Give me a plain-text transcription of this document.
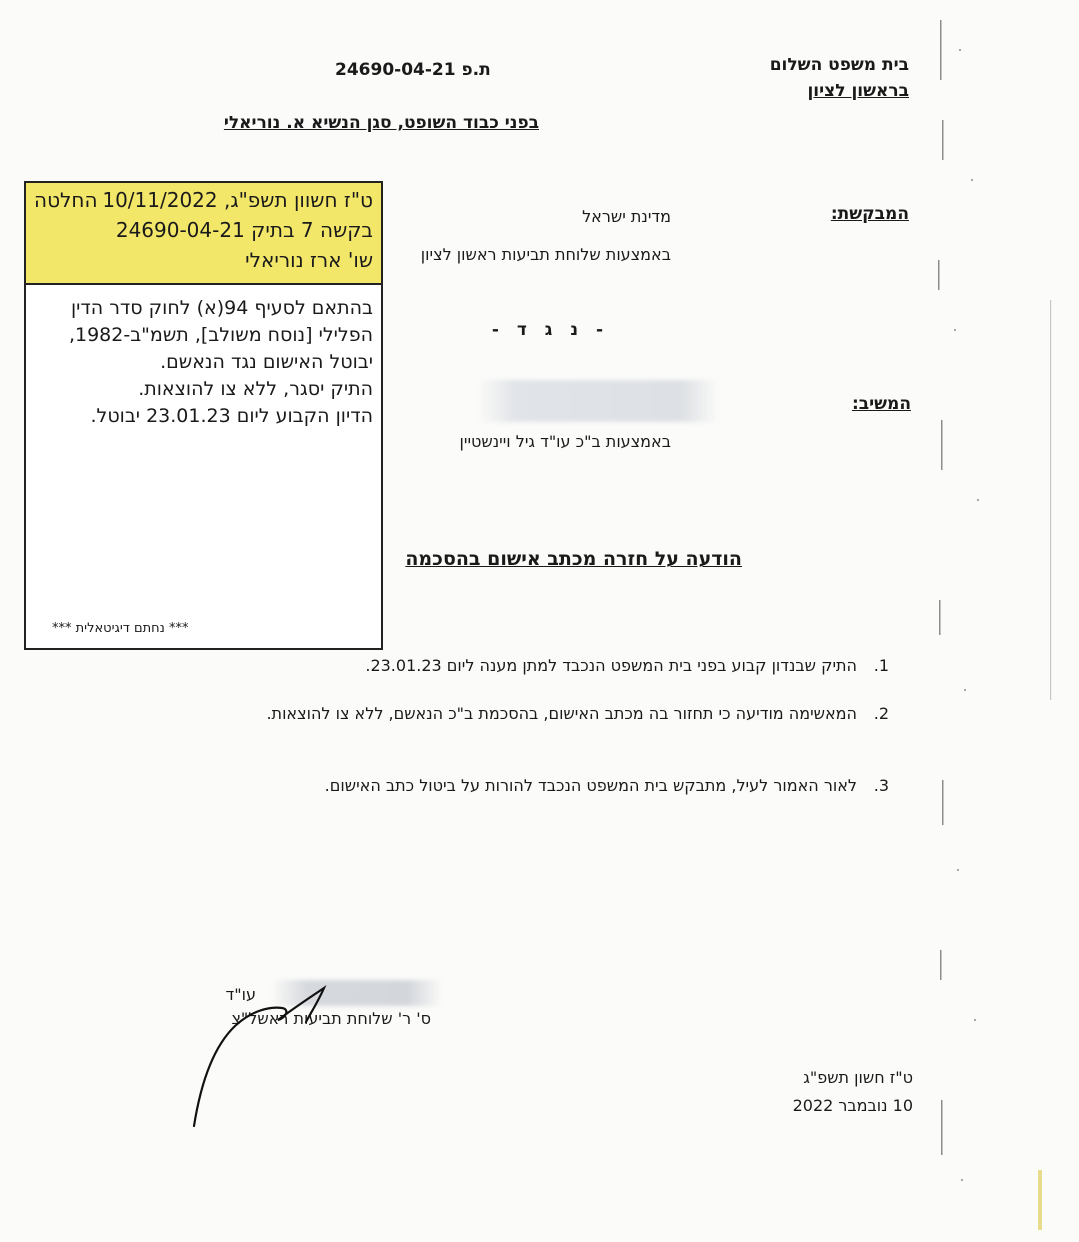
בית משפט השלום
בראשון לציון
ת.פ 24690-04-21
בפני כבוד השופט, סגן הנשיא א. נוריאלי
ט"ז חשוון תשפ"ג, 10/11/2022
החלטה
בקשה 7 בתיק 24690-04-21
שו' ארז נוריאלי
בהתאם לסעיף 94(א) לחוק סדר הדין
הפלילי [נוסח משולב], תשמ"ב-1982,
יבוטל האישום נגד הנאשם.
התיק יסגר, ללא צו להוצאות.
הדיון הקבוע ליום 23.01.23 יבוטל.
*** נחתם דיגיטאלית ***
המבקשת:
מדינת ישראל
באמצעות שלוחת תביעות ראשון לציון
- נ ג ד -
המשיב:
באמצעות ב"כ עו"ד גיל ויינשטיין
הודעה על חזרה מכתב אישום בהסכמה
1.
התיק שבנדון קבוע בפני בית המשפט הנכבד למתן מענה ליום 23.01.23.
2.
המאשימה מודיעה כי תחזור בה מכתב האישום, בהסכמת ב"כ הנאשם, ללא צו להוצאות.
3.
לאור האמור לעיל, מתבקש בית המשפט הנכבד להורות על ביטול כתב האישום.
עו"ד
ס' ר' שלוחת תביעות ראשל"צ
ט"ז חשון תשפ"ג
10 נובמבר 2022
